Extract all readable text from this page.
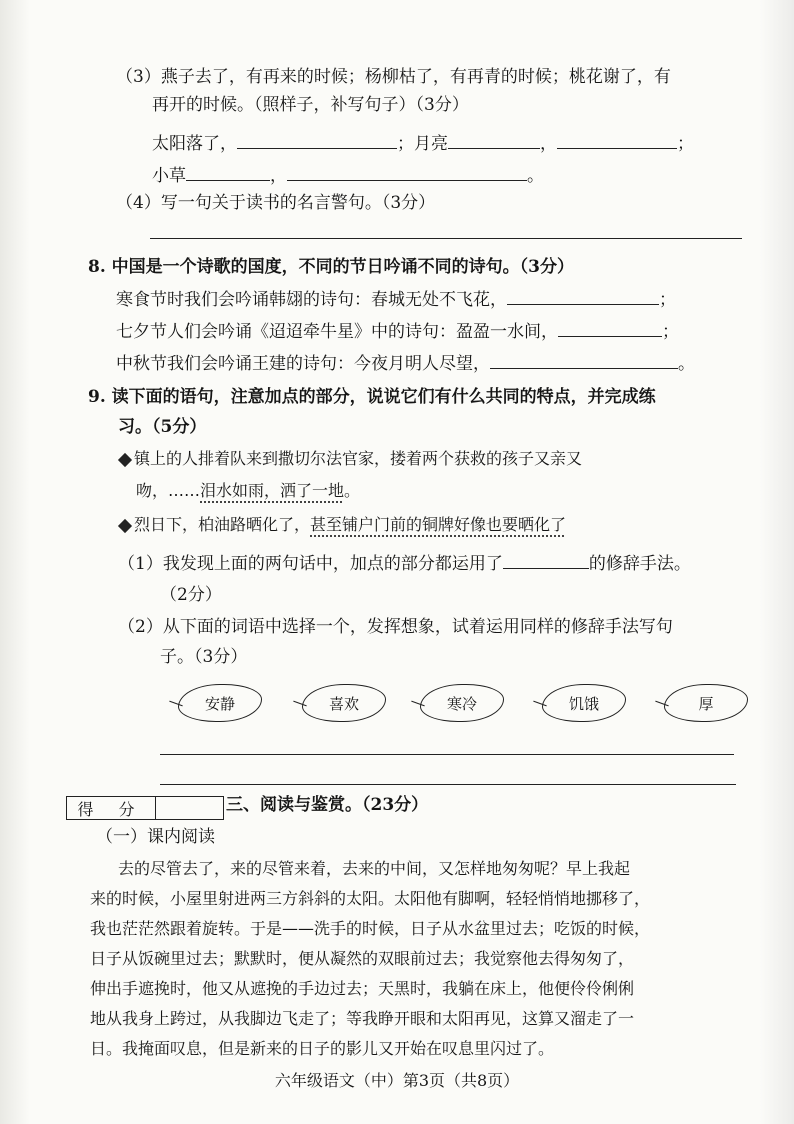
（3）燕子去了，有再来的时候；杨柳枯了，有再青的时候；桃花谢了，有
再开的时候。（照样子，补写句子）（3分）
太阳落了，	；月亮	，	；
小草	，	。
（4）写一句关于读书的名言警句。（3分）
8. 中国是一个诗歌的国度，不同的节日吟诵不同的诗句。（3分）
寒食节时我们会吟诵韩翃的诗句：春城无处不飞花，	；
七夕节人们会吟诵《迢迢牵牛星》中的诗句：盈盈一水间，	；
中秋节我们会吟诵王建的诗句：今夜月明人尽望，	。
9. 读下面的语句，注意加点的部分，说说它们有什么共同的特点，并完成练
习。（5分）
镇上的人排着队来到撒切尔法官家，搂着两个获救的孩子又亲又
吻，……泪水如雨，洒了一地。
烈日下，柏油路晒化了，甚至铺户门前的铜牌好像也要晒化了
（1）我发现上面的两句话中，加点的部分都运用了	的修辞手法。
（2分）
（2）从下面的词语中选择一个，发挥想象，试着运用同样的修辞手法写句
子。（3分）
安静	喜欢	寒冷	饥饿	厚
得 分	三、阅读与鉴赏。（23分）
（一）课内阅读
去的尽管去了，来的尽管来着，去来的中间，又怎样地匆匆呢？早上我起
来的时候，小屋里射进两三方斜斜的太阳。太阳他有脚啊，轻轻悄悄地挪移了，
我也茫茫然跟着旋转。于是——洗手的时候，日子从水盆里过去；吃饭的时候，
日子从饭碗里过去；默默时，便从凝然的双眼前过去；我觉察他去得匆匆了，
伸出手遮挽时，他又从遮挽的手边过去；天黑时，我躺在床上，他便伶伶俐俐
地从我身上跨过，从我脚边飞走了；等我睁开眼和太阳再见，这算又溜走了一
日。我掩面叹息，但是新来的日子的影儿又开始在叹息里闪过了。
六年级语文（中）第3页（共8页）
